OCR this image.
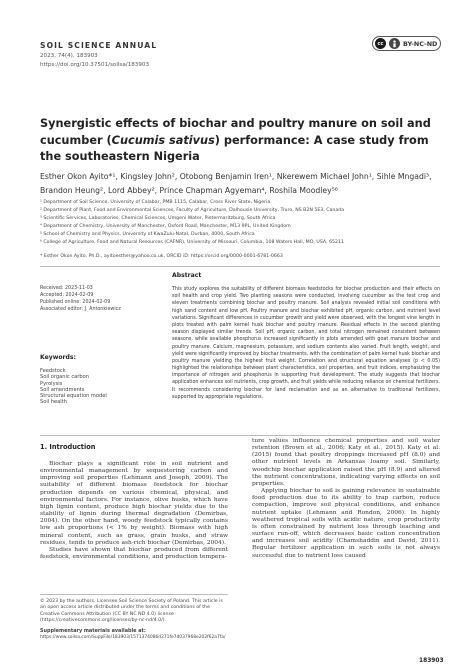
SOIL SCIENCE ANNUAL
2023, 74(4), 183903
https://doi.org/10.37501/soilsa/183903
cc	BY-NC-ND
Synergistic effects of biochar and poultry manure on soil and cucumber (Cucumis sativus) performance: A case study from the southeastern Nigeria
Esther Okon Ayito*¹, Kingsley John², Otobong Benjamin Iren¹, Nkerewem Michael John¹, Sihle Mngadi³, Brandon Heung², Lord Abbey², Prince Chapman Agyeman⁴, Roshila Moodley⁵⁶
¹ Department of Soil Science, University of Calabar, PMB 1115, Calabar, Cross River State, Nigeria
² Department of Plant, Food and Environmental Sciences, Faculty of Agriculture, Dalhousie University, Truro, NS B2N 5E3, Canada
³ Scientific Services, Laboratories, Chemical Sciences, Umgeni Water, Pietermaritzburg, South Africa
⁴ Department of Chemistry, University of Manchester, Oxford Road, Manchester, M13 9PL, United Kingdom
⁵ School of Chemistry and Physics, University of KwaZulu-Natal, Durban, 4000, South Africa
⁶ College of Agriculture, Food and Natural Resources (CAFNR), University of Missouri, Columbia, 108 Waters Hall, MO, USA, 65211
* Esther Okon Ayito, Ph.D., ayitoesther@yahoo.co.uk, ORCID iD: https://orcid.org/0000-0001-6781-0663
Received: 2023-11-03
Accepted: 2024-02-09
Published online: 2024-02-09
Associated editor: J. Antonkiewicz
Keywords:
Feedstock
Soil organic carbon
Pyrolysis
Soil amendments
Structural equation model
Soil health
Abstract
This study explores the suitability of different biomass feedstocks for biochar production and their effects on soil health and crop yield. Two planting seasons were conducted, involving cucumber as the test crop and eleven treatments combining biochar and poultry manure. Soil analysis revealed initial soil conditions with high sand content and low pH. Poultry manure and biochar exhibited pH, organic carbon, and nutrient level variations. Significant differences in cucumber growth and yield were observed, with the longest vine length in plots treated with palm kernel husk biochar and poultry manure. Residual effects in the second planting season displayed similar trends. Soil pH, organic carbon, and total nitrogen remained consistent between seasons, while available phosphorus increased significantly in plots amended with goat manure biochar and poultry manure. Calcium, magnesium, potassium, and sodium contents also varied. Fruit length, weight, and yield were significantly improved by biochar treatments, with the combination of palm kernel husk biochar and poultry manure yielding the highest fruit weight. Correlation and structural equation analyses (p < 0.05) highlighted the relationships between plant characteristics, soil properties, and fruit indices, emphasizing the importance of nitrogen and phosphorus in supporting fruit development. The study suggests that biochar application enhances soil nutrients, crop growth, and fruit yields while reducing reliance on chemical fertilizers. It recommends considering biochar for land reclamation and as an alternative to traditional fertilizers, supported by appropriate regulations.
1. Introduction

Biochar plays a significant role in soil nutrient and environmental management by sequestering carbon and improving soil properties (Lehmann and Joseph, 2009). The suitability of different biomass feedstock for biochar production depends on various chemical, physical, and environmental factors. For instance, olive husks, which have high lignin content, produce high biochar yields due to the stability of lignin during thermal degradation (Demirbas, 2004). On the other hand, woody feedstock typically contains low ash proportions (< 1% by weight). Biomass with high mineral content, such as grass, grain husks, and straw residues, tends to produce ash-rich biochar (Demirbas, 2004).

Studies have shown that biochar produced from different feedstock, environmental conditions, and production tempera-

ture values influence chemical properties and soil water retention (Brown et al., 2006; Katy et al., 2015). Katy et al. (2015) found that poultry droppings increased pH (8.0) and other nutrient levels in Arkansas loamy soil. Similarly, woodchip biochar application raised the pH (8.9) and altered the nutrient concentrations, indicating varying effects on soil properties.

Applying biochar to soil is gaining relevance in sustainable food production due to its ability to trap carbon, reduce compaction, improve soil physical conditions, and enhance nutrient uptake (Lehmann and Rondon, 2006). In highly weathered tropical soils with acidic nature, crop productivity is often constrained by nutrient loss through leaching and surface run-off, which decreases basic cation concentration and increases soil acidity (Chamshaddin and David, 2011). Regular fertilizer application in such soils is not always successful due to nutrient loss caused

© 2023 by the authors. Licensee Soil Science Society of Poland. This article is an open access article distributed under the terms and conditions of the Creative Commons Attribution (CC BY NC ND 4.0) license (https://creativecommons.org/licenses/by-nc-nd/4.0/).
Supplementary materials available at:
https://www.soilsa.com/SuppFile/183903/1571374086d271fe7d037968e202f62a7fa/
183903
